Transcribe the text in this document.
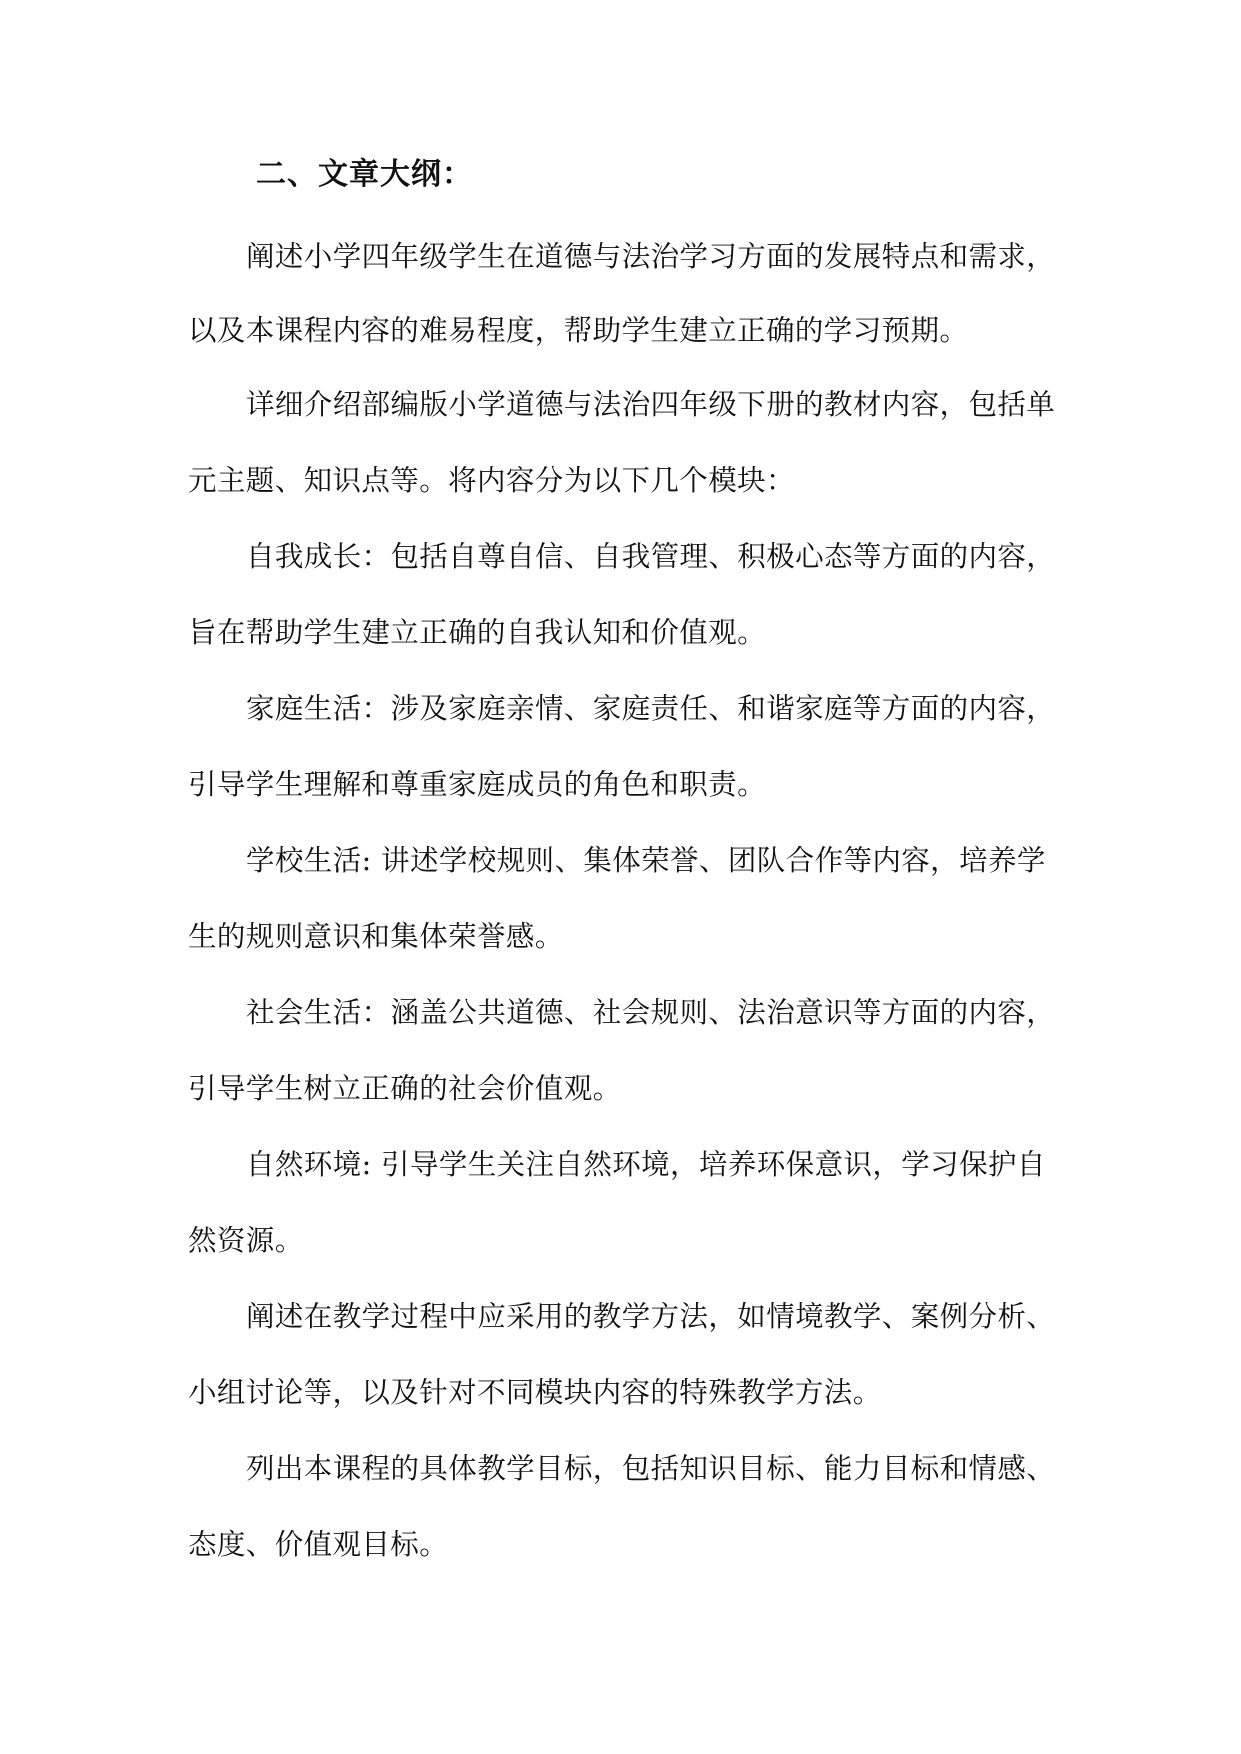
二、文章大纲：

阐述小学四年级学生在道德与法治学习方面的发展特点和需求，

以及本课程内容的难易程度，帮助学生建立正确的学习预期。

详细介绍部编版小学道德与法治四年级下册的教材内容，包括单

元主题、知识点等。将内容分为以下几个模块：

自我成长：包括自尊自信、自我管理、积极心态等方面的内容，

旨在帮助学生建立正确的自我认知和价值观。

家庭生活：涉及家庭亲情、家庭责任、和谐家庭等方面的内容，

引导学生理解和尊重家庭成员的角色和职责。

学校生活: 讲述学校规则、集体荣誉、团队合作等内容，培养学

生的规则意识和集体荣誉感。

社会生活：涵盖公共道德、社会规则、法治意识等方面的内容，

引导学生树立正确的社会价值观。

自然环境: 引导学生关注自然环境，培养环保意识，学习保护自

然资源。

阐述在教学过程中应采用的教学方法，如情境教学、案例分析、

小组讨论等，以及针对不同模块内容的特殊教学方法。

列出本课程的具体教学目标，包括知识目标、能力目标和情感、

态度、价值观目标。
